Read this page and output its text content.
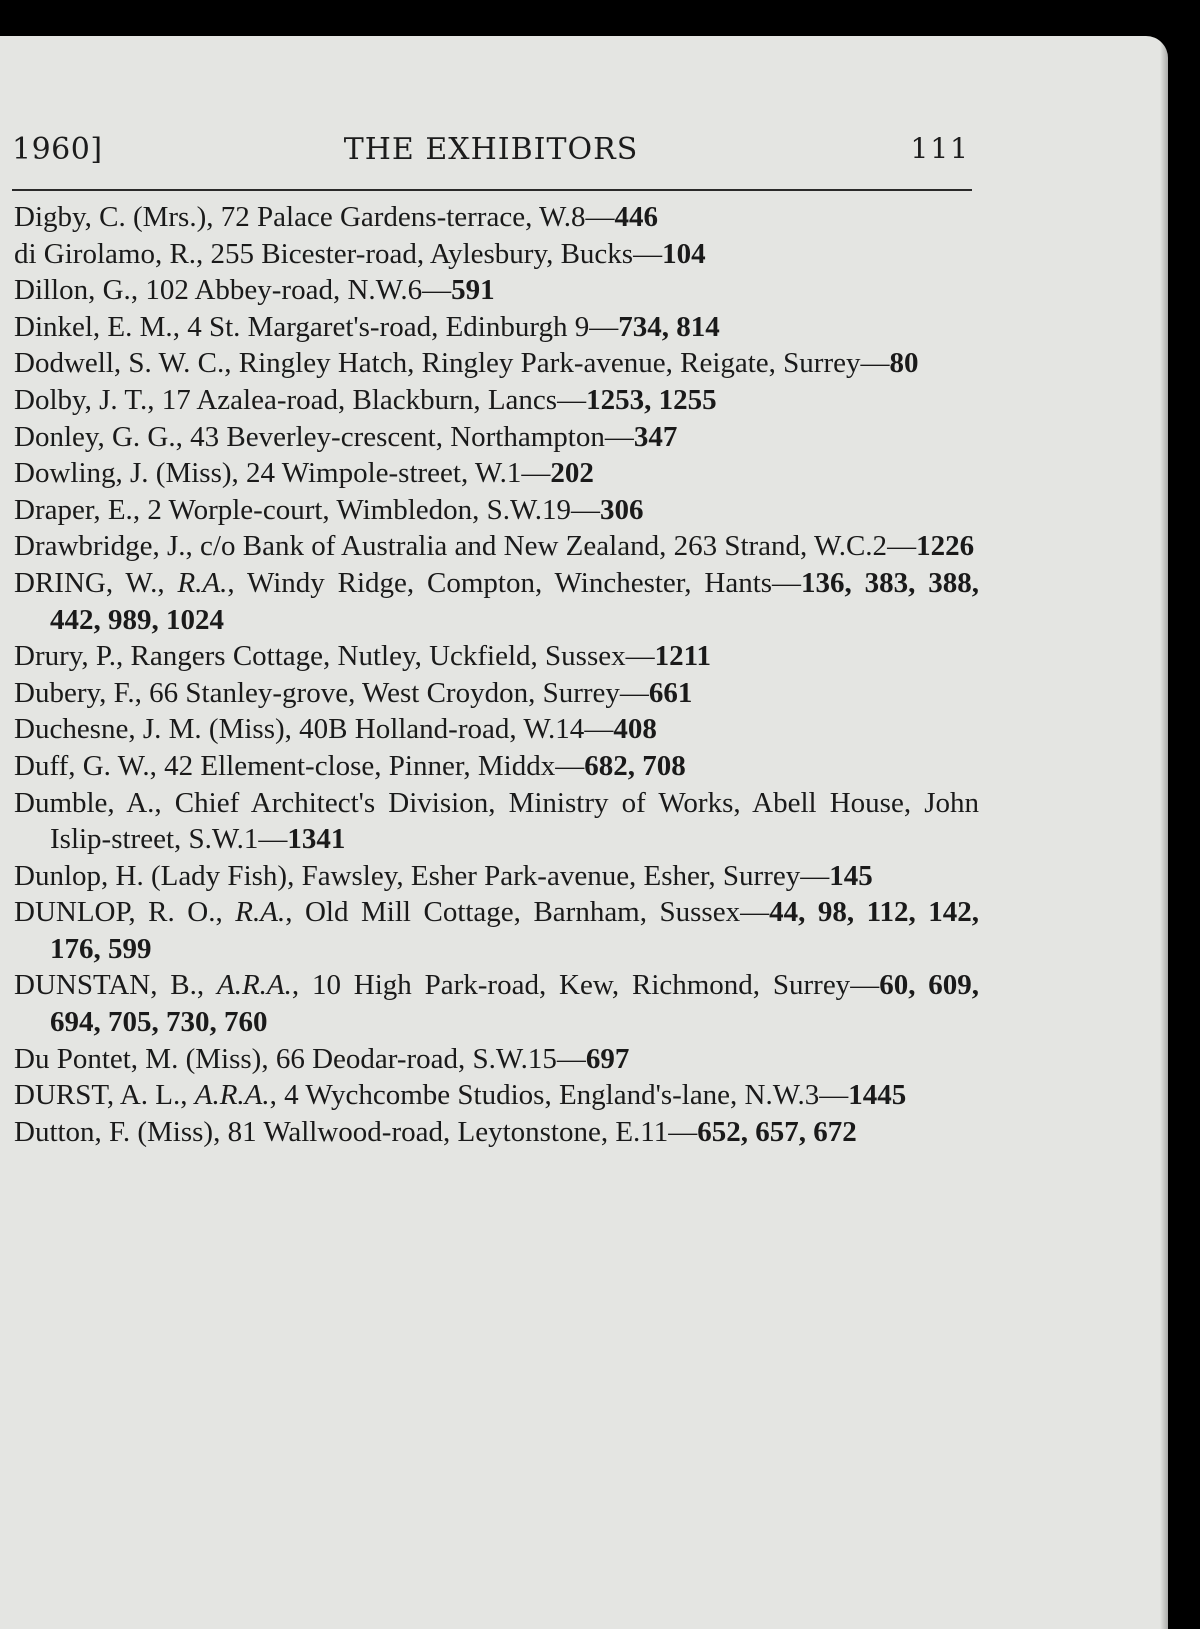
1960]	THE EXHIBITORS	111
Digby, C. (Mrs.), 72 Palace Gardens-terrace, W.8—446
di Girolamo, R., 255 Bicester-road, Aylesbury, Bucks—104
Dillon, G., 102 Abbey-road, N.W.6—591
Dinkel, E. M., 4 St. Margaret's-road, Edinburgh 9—734, 814
Dodwell, S. W. C., Ringley Hatch, Ringley Park-avenue, Reigate, Surrey—80
Dolby, J. T., 17 Azalea-road, Blackburn, Lancs—1253, 1255
Donley, G. G., 43 Beverley-crescent, Northampton—347
Dowling, J. (Miss), 24 Wimpole-street, W.1—202
Draper, E., 2 Worple-court, Wimbledon, S.W.19—306
Drawbridge, J., c/o Bank of Australia and New Zealand, 263 Strand, W.C.2—1226
DRING, W., R.A., Windy Ridge, Compton, Winchester, Hants—136, 383, 388, 442, 989, 1024
Drury, P., Rangers Cottage, Nutley, Uckfield, Sussex—1211
Dubery, F., 66 Stanley-grove, West Croydon, Surrey—661
Duchesne, J. M. (Miss), 40B Holland-road, W.14—408
Duff, G. W., 42 Ellement-close, Pinner, Middx—682, 708
Dumble, A., Chief Architect's Division, Ministry of Works, Abell House, John Islip-street, S.W.1—1341
Dunlop, H. (Lady Fish), Fawsley, Esher Park-avenue, Esher, Surrey—145
DUNLOP, R. O., R.A., Old Mill Cottage, Barnham, Sussex—44, 98, 112, 142, 176, 599
DUNSTAN, B., A.R.A., 10 High Park-road, Kew, Richmond, Surrey—60, 609, 694, 705, 730, 760
Du Pontet, M. (Miss), 66 Deodar-road, S.W.15—697
DURST, A. L., A.R.A., 4 Wychcombe Studios, England's-lane, N.W.3—1445
Dutton, F. (Miss), 81 Wallwood-road, Leytonstone, E.11—652, 657, 672
